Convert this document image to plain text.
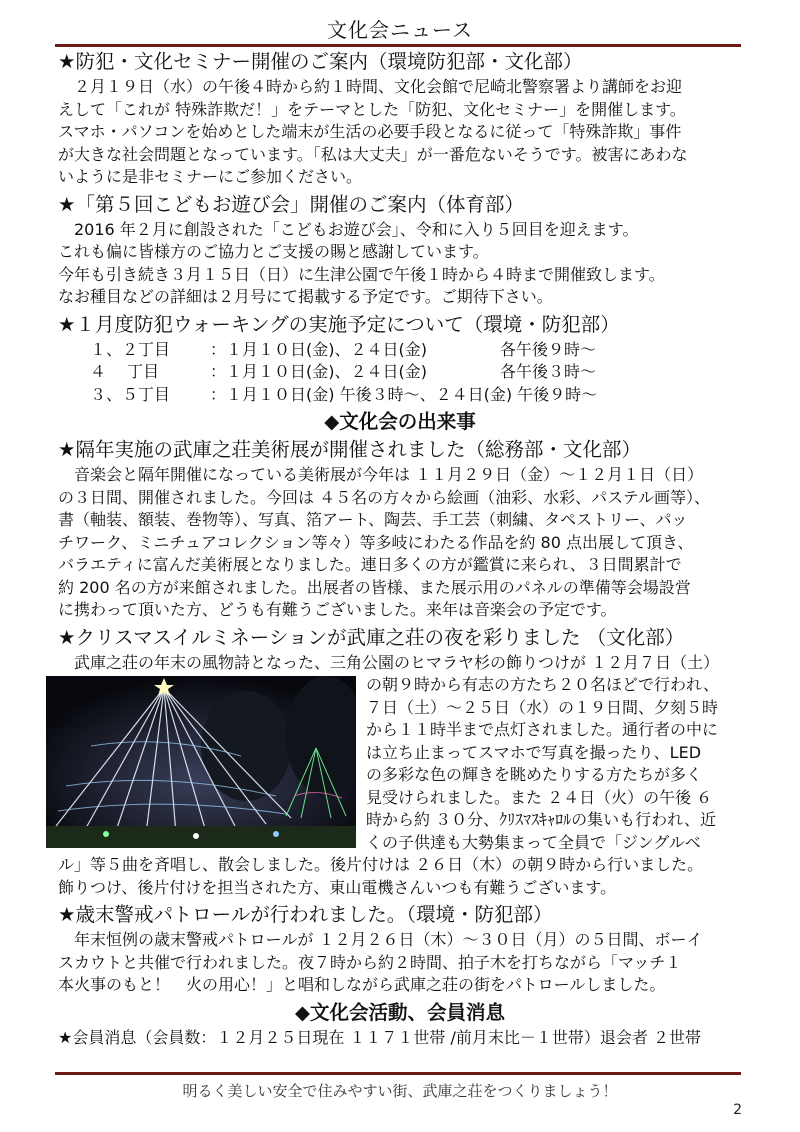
文化会ニュース
★防犯・文化セミナー開催のご案内（環境防犯部・文化部）
２月１９日（水）の午後４時から約１時間、文化会館で尼崎北警察署より講師をお迎
えして「これが 特殊詐欺だ！」をテーマとした「防犯、文化セミナー」を開催します。
スマホ・パソコンを始めとした端末が生活の必要手段となるに従って「特殊詐欺」事件
が大きな社会問題となっています。「私は大丈夫」が一番危ないそうです。被害にあわな
いように是非セミナーにご参加ください。
★「第５回こどもお遊び会」開催のご案内（体育部）
2016 年２月に創設された「こどもお遊び会」、令和に入り５回目を迎えます。
これも偏に皆様方のご協力とご支援の賜と感謝しています。
今年も引き続き３月１５日（日）に生津公園で午後１時から４時まで開催致します。
なお種目などの詳細は２月号にて掲載する予定です。ご期待下さい。
★１月度防犯ウォーキングの実施予定について（環境・防犯部）
１、２丁目	：１月１０日(金)、２４日(金)	各午後９時～
４　 丁目	：１月１０日(金)、２４日(金)	各午後３時～
３、５丁目	：１月１０日(金) 午後３時～、２４日(金) 午後９時～
◆文化会の出来事
★隔年実施の武庫之荘美術展が開催されました（総務部・文化部）
音楽会と隔年開催になっている美術展が今年は １１月２９日（金）～１２月１日（日）
の３日間、開催されました。今回は ４５名の方々から絵画（油彩、水彩、パステル画等）、
書（軸装、額装、巻物等）、写真、箔アート、陶芸、手工芸（刺繍、タペストリー、パッ
チワーク、ミニチュアコレクション等々）等多岐にわたる作品を約 80 点出展して頂き、
バラエティに富んだ美術展となりました。連日多くの方が鑑賞に来られ、３日間累計で
約 200 名の方が来館されました。出展者の皆様、また展示用のパネルの準備等会場設営
に携わって頂いた方、どうも有難うございました。来年は音楽会の予定です。
★クリスマスイルミネーションが武庫之荘の夜を彩りました （文化部）
武庫之荘の年末の風物詩となった、三角公園のヒマラヤ杉の飾りつけが １２月７日（土）
の朝９時から有志の方たち２０名ほどで行われ、
７日（土）～２５日（水）の１９日間、夕刻５時
から１１時半まで点灯されました。通行者の中に
は立ち止まってスマホで写真を撮ったり、LED
の多彩な色の輝きを眺めたりする方たちが多く
見受けられました。また ２４日（火）の午後 ６
時から約 ３０分、ｸﾘｽﾏｽｷｬﾛﾙの集いも行われ、近
くの子供達も大勢集まって全員で「ジングルベ
ル」等５曲を斉唱し、散会しました。後片付けは ２６日（木）の朝９時から行いました。
飾りつけ、後片付けを担当された方、東山電機さんいつも有難うございます。
★歳末警戒パトロールが行われました。（環境・防犯部）
年末恒例の歳末警戒パトロールが １２月２６日（木）～３０日（月）の５日間、ボーイ
スカウトと共催で行われました。夜７時から約２時間、拍子木を打ちながら「マッチ１
本火事のもと！　火の用心！」と唱和しながら武庫之荘の街をパトロールしました。
◆文化会活動、会員消息
★会員消息（会員数：１２月２５日現在 １１７１世帯 /前月末比－１世帯）退会者 ２世帯
明るく美しい安全で住みやすい街、武庫之荘をつくりましょう！
2
